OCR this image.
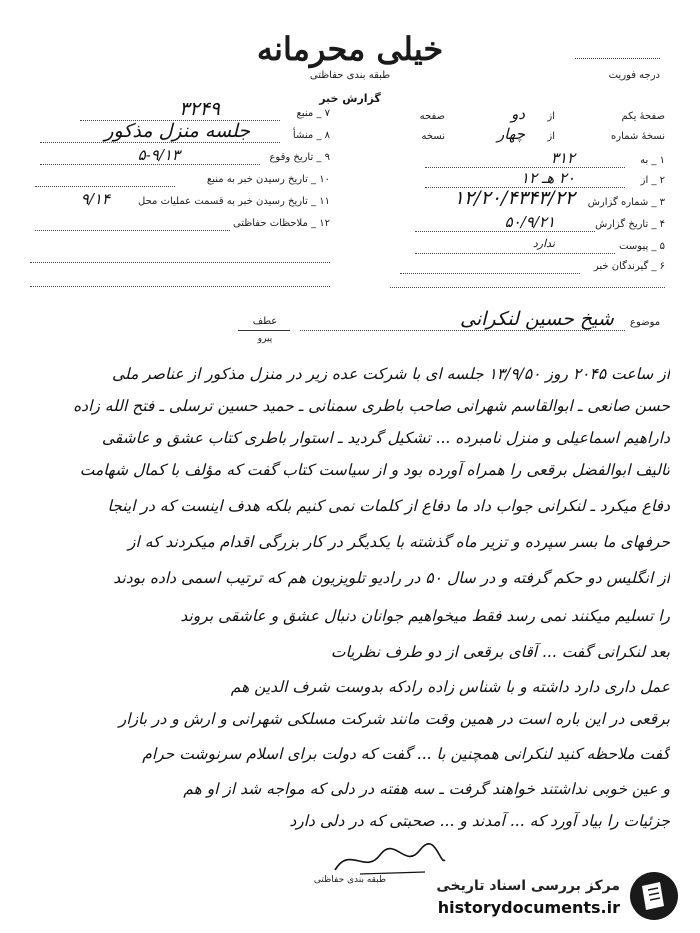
خیلی محرمانه
طبقه بندی حفاظتی
گزارش خبر
درجه فوریت
۷ _ منبع
۳۲۴۹
۸ _ منشأ
جلسه منزل مذکور
۹ _ تاریخ وقوع
۵-۹/۱۳
۱۰ _ تاریخ رسیدن خبر به منبع
۱۱ _ تاریخ رسیدن خبر به قسمت عملیات محل
۹/۱۴
۱۲ _ ملاحظات حفاظتی
صفحهٔ یکم
از
دو
صفحه
نسخهٔ شماره
از
چهار
نسخه
۱ _ به
۳۱۲
۲ _ از
۲۰ هـ ۱۲
۳ _ شماره گزارش
۱۲/۲۰/۴۳۴۳/۲۲
۴ _ تاریخ گزارش
۵۰/۹/۲۱
۵ _ پیوست
ندارد
۶ _ گیرندگان خبر
موضوع
شیخ حسین لنکرانی
عطف
پیرو
از ساعت ۲۰۴۵ روز ۱۳/۹/۵۰ جلسه ای با شرکت عده زیر در منزل مذکور از عناصر ملی
حسن صانعی ـ ابوالقاسم شهرانی صاحب باطری سمنانی ـ حمید حسین ترسلی ـ فتح الله زاده
داراهیم اسماعیلی و منزل نامبرده ... تشکیل گردید ـ استوار باطری کتاب عشق و عاشقی
تالیف ابوالفضل برقعی را همراه آورده بود و از سیاست کتاب گفت که مؤلف با کمال شهامت
دفاع میکرد ـ لنکرانی جواب داد ما دفاع از کلمات نمی کنیم بلکه هدف اینست که در اینجا
حرفهای ما بسر سپرده و تزیر ماه گذشته با یکدیگر در کار بزرگی اقدام میکردند که از
از انگلیس دو حکم گرفته و در سال ۵۰ در رادیو تلویزیون هم که ترتیب اسمی داده بودند
را تسلیم میکنند نمی رسد فقط میخواهیم جوانان دنبال عشق و عاشقی بروند
بعد لنکرانی گفت ... آقای برقعی از دو طرف نظریات
عمل داری دارد داشته و با شناس زاده رادکه بدوست شرف الدین هم
برقعی در این باره است در همین وقت مانند شرکت مسلکی شهرانی و ارش و در بازار
گفت ملاحظه کنید لنکرانی همچنین با ... گفت که دولت برای اسلام سرنوشت حرام
و عین خوبی نداشتند خواهند گرفت ـ سه هفته در دلی که مواجه شد از او هم
جزئیات را بیاد آورد که ... آمدند و ... صحبتی که در دلی دارد
طبقه بندی حفاظتی	مرکز بررسی اسناد تاریخی
historydocuments.ir
